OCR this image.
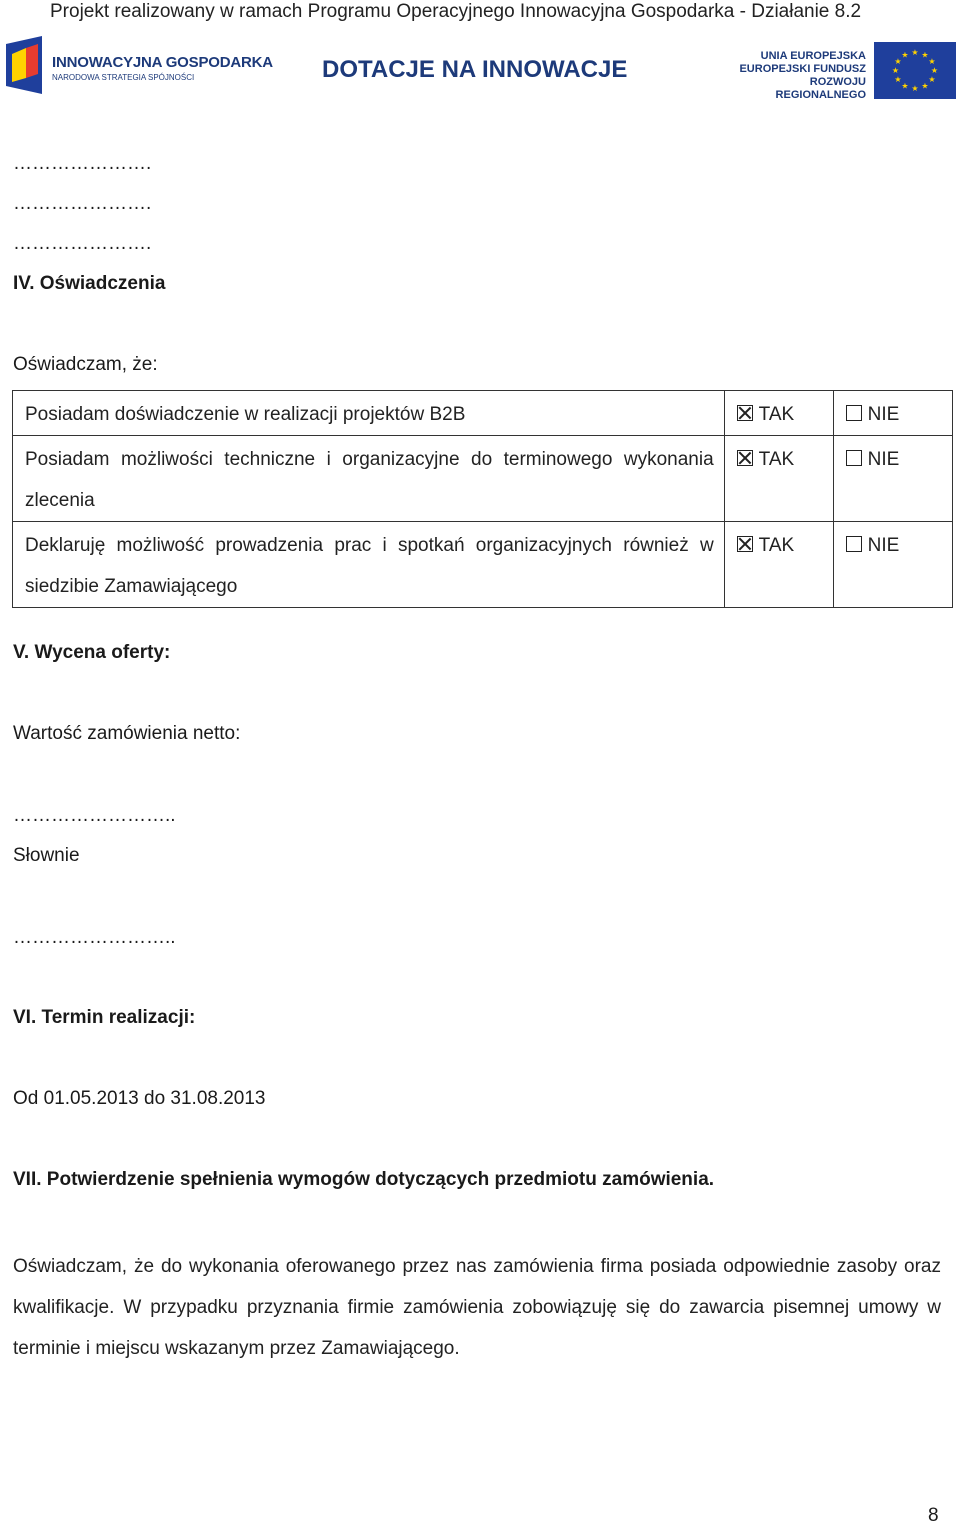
Projekt realizowany w ramach Programu Operacyjnego Innowacyjna Gospodarka - Działanie 8.2
INNOWACYJNA GOSPODARKA
NARODOWA STRATEGIA SPÓJNOŚCI	DOTACJE NA INNOWACJE	UNIA EUROPEJSKA
EUROPEJSKI FUNDUSZ
ROZWOJU REGIONALNEGO
★ ★
★
★
★
★
★
★
★
★
★
★
………………….
………………….
………………….
IV. Oświadczenia
Oświadczam, że:
Posiadam doświadczenie w realizacji projektów B2B	TAK	NIE
Posiadam możliwości techniczne i organizacyjne do terminowego wykonania zlecenia	TAK	NIE
Deklaruję możliwość prowadzenia prac i spotkań organizacyjnych również w siedzibie Zamawiającego	TAK	NIE
V. Wycena oferty:
Wartość zamówienia netto:
……………………..
Słownie
……………………..
VI. Termin realizacji:
Od 01.05.2013 do 31.08.2013
VII. Potwierdzenie spełnienia wymogów dotyczących przedmiotu zamówienia.
Oświadczam, że do wykonania oferowanego przez nas zamówienia firma posiada odpowiednie zasoby oraz kwalifikacje. W przypadku przyznania firmie zamówienia zobowiązuję się do zawarcia pisemnej umowy w terminie i miejscu wskazanym przez Zamawiającego.
8
